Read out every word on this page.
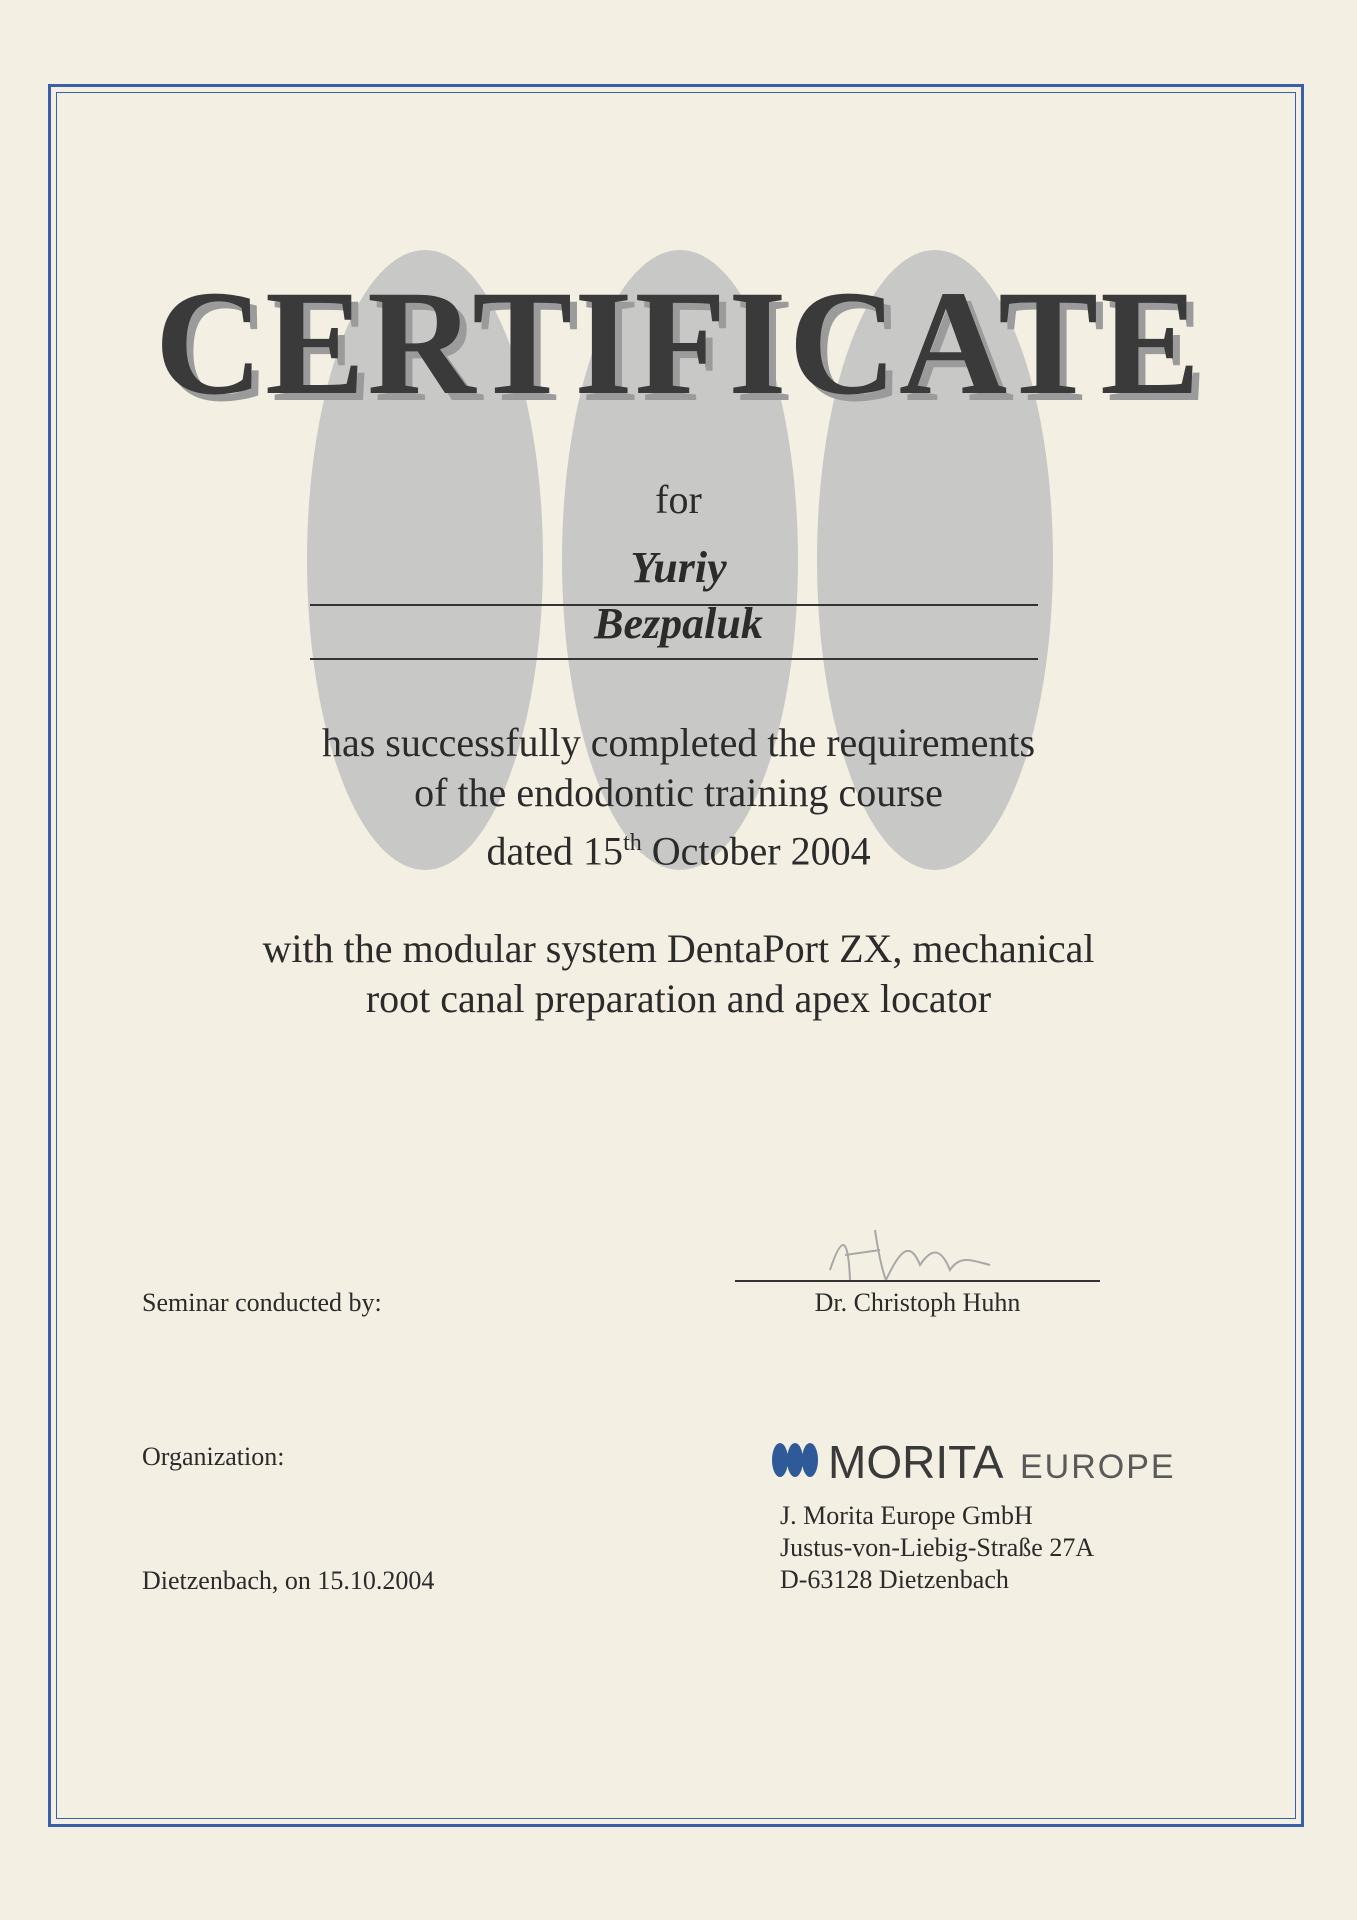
CERTIFICATE
for
Yuriy
Bezpaluk
has successfully completed the requirements
of the endodontic training course
dated 15th October 2004
with the modular system DentaPort ZX, mechanical
root canal preparation and apex locator
Seminar conducted by:	Dr. Christoph Huhn
Organization:	MORITA EUROPE
J. Morita Europe GmbH
Justus-von-Liebig-Straße 27A
D-63128 Dietzenbach
Dietzenbach, on 15.10.2004
